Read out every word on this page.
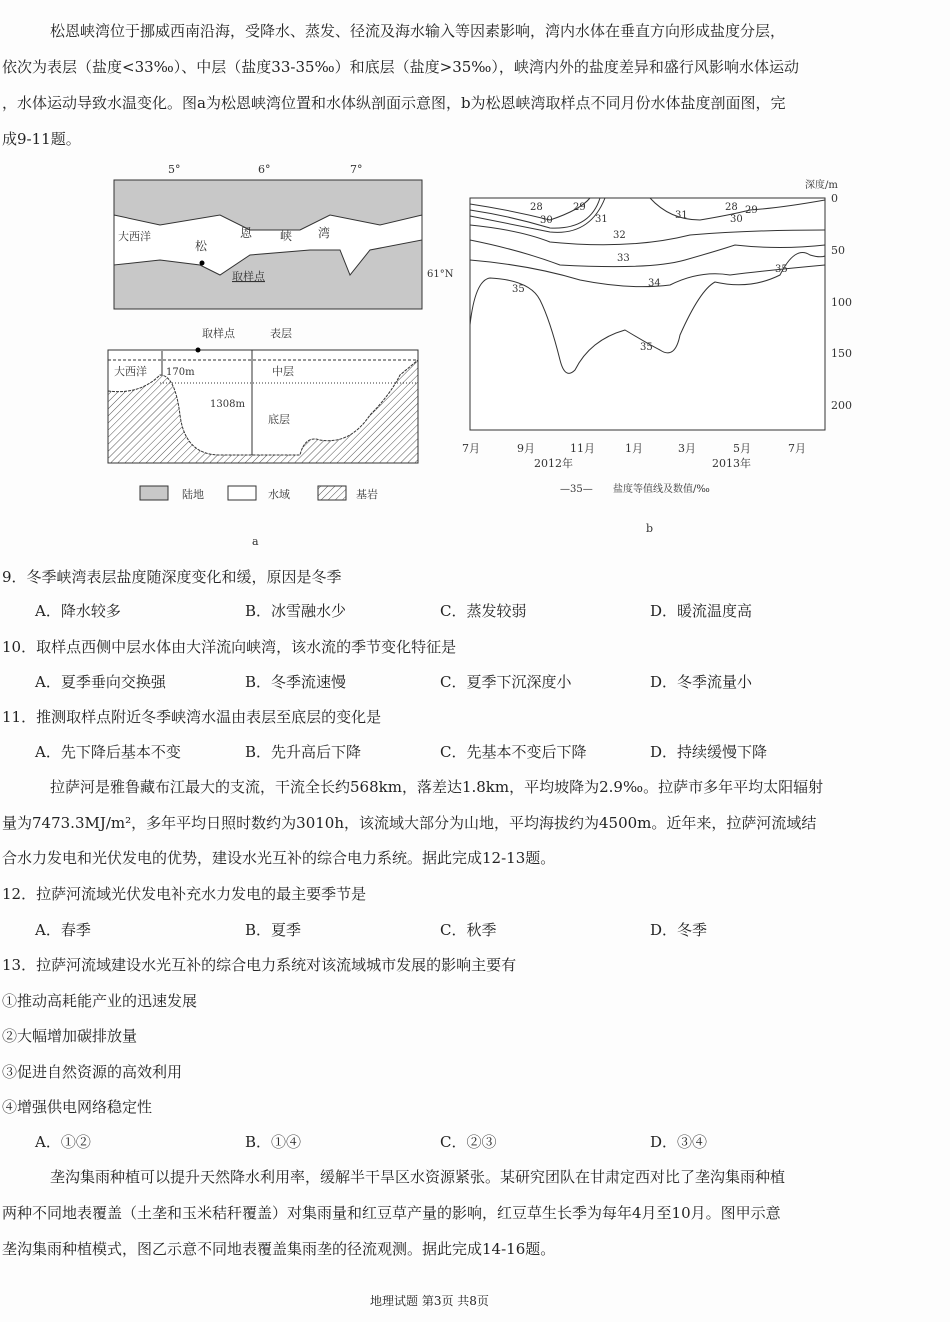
松恩峡湾位于挪威西南沿海，受降水、蒸发、径流及海水输入等因素影响，湾内水体在垂直方向形成盐度分层，
依次为表层（盐度<33‰）、中层（盐度33-35‰）和底层（盐度>35‰），峡湾内外的盐度差异和盛行风影响水体运动
，水体运动导致水温变化。图a为松恩峡湾位置和水体纵剖面示意图，b为松恩峡湾取样点不同月份水体盐度剖面图，完
成9-11题。
5°	6°	7°
61°N
大西洋
松
恩 峡 湾
取样点
取样点	表层
大西洋 170m	中层
1308m
底层
陆地	水域	基岩
a
28	29
30	31	31
32
33
34
35
35
35
28 29
30
深度/m
0
50
100
150
200
7月	9月	11月	1月	3月	5月	7月
2012年	2013年
—35— 盐度等值线及数值/‰
b
9．冬季峡湾表层盐度随深度变化和缓，原因是冬季
A．降水较多	B．冰雪融水少	C．蒸发较弱	D．暖流温度高
10．取样点西侧中层水体由大洋流向峡湾，该水流的季节变化特征是
A．夏季垂向交换强	B．冬季流速慢	C．夏季下沉深度小	D．冬季流量小
11．推测取样点附近冬季峡湾水温由表层至底层的变化是
A．先下降后基本不变	B．先升高后下降	C．先基本不变后下降	D．持续缓慢下降
拉萨河是雅鲁藏布江最大的支流，干流全长约568km，落差达1.8km，平均坡降为2.9‰。拉萨市多年平均太阳辐射
量为7473.3MJ/m²，多年平均日照时数约为3010h，该流域大部分为山地，平均海拔约为4500m。近年来，拉萨河流域结
合水力发电和光伏发电的优势，建设水光互补的综合电力系统。据此完成12-13题。
12．拉萨河流域光伏发电补充水力发电的最主要季节是
A．春季	B．夏季	C．秋季	D．冬季
13．拉萨河流域建设水光互补的综合电力系统对该流域城市发展的影响主要有
①推动高耗能产业的迅速发展
②大幅增加碳排放量
③促进自然资源的高效利用
④增强供电网络稳定性
A．①②	B．①④	C．②③	D．③④
垄沟集雨种植可以提升天然降水利用率，缓解半干旱区水资源紧张。某研究团队在甘肃定西对比了垄沟集雨种植
两种不同地表覆盖（土垄和玉米秸秆覆盖）对集雨量和红豆草产量的影响，红豆草生长季为每年4月至10月。图甲示意
垄沟集雨种植模式，图乙示意不同地表覆盖集雨垄的径流观测。据此完成14-16题。
地理试题 第3页 共8页
